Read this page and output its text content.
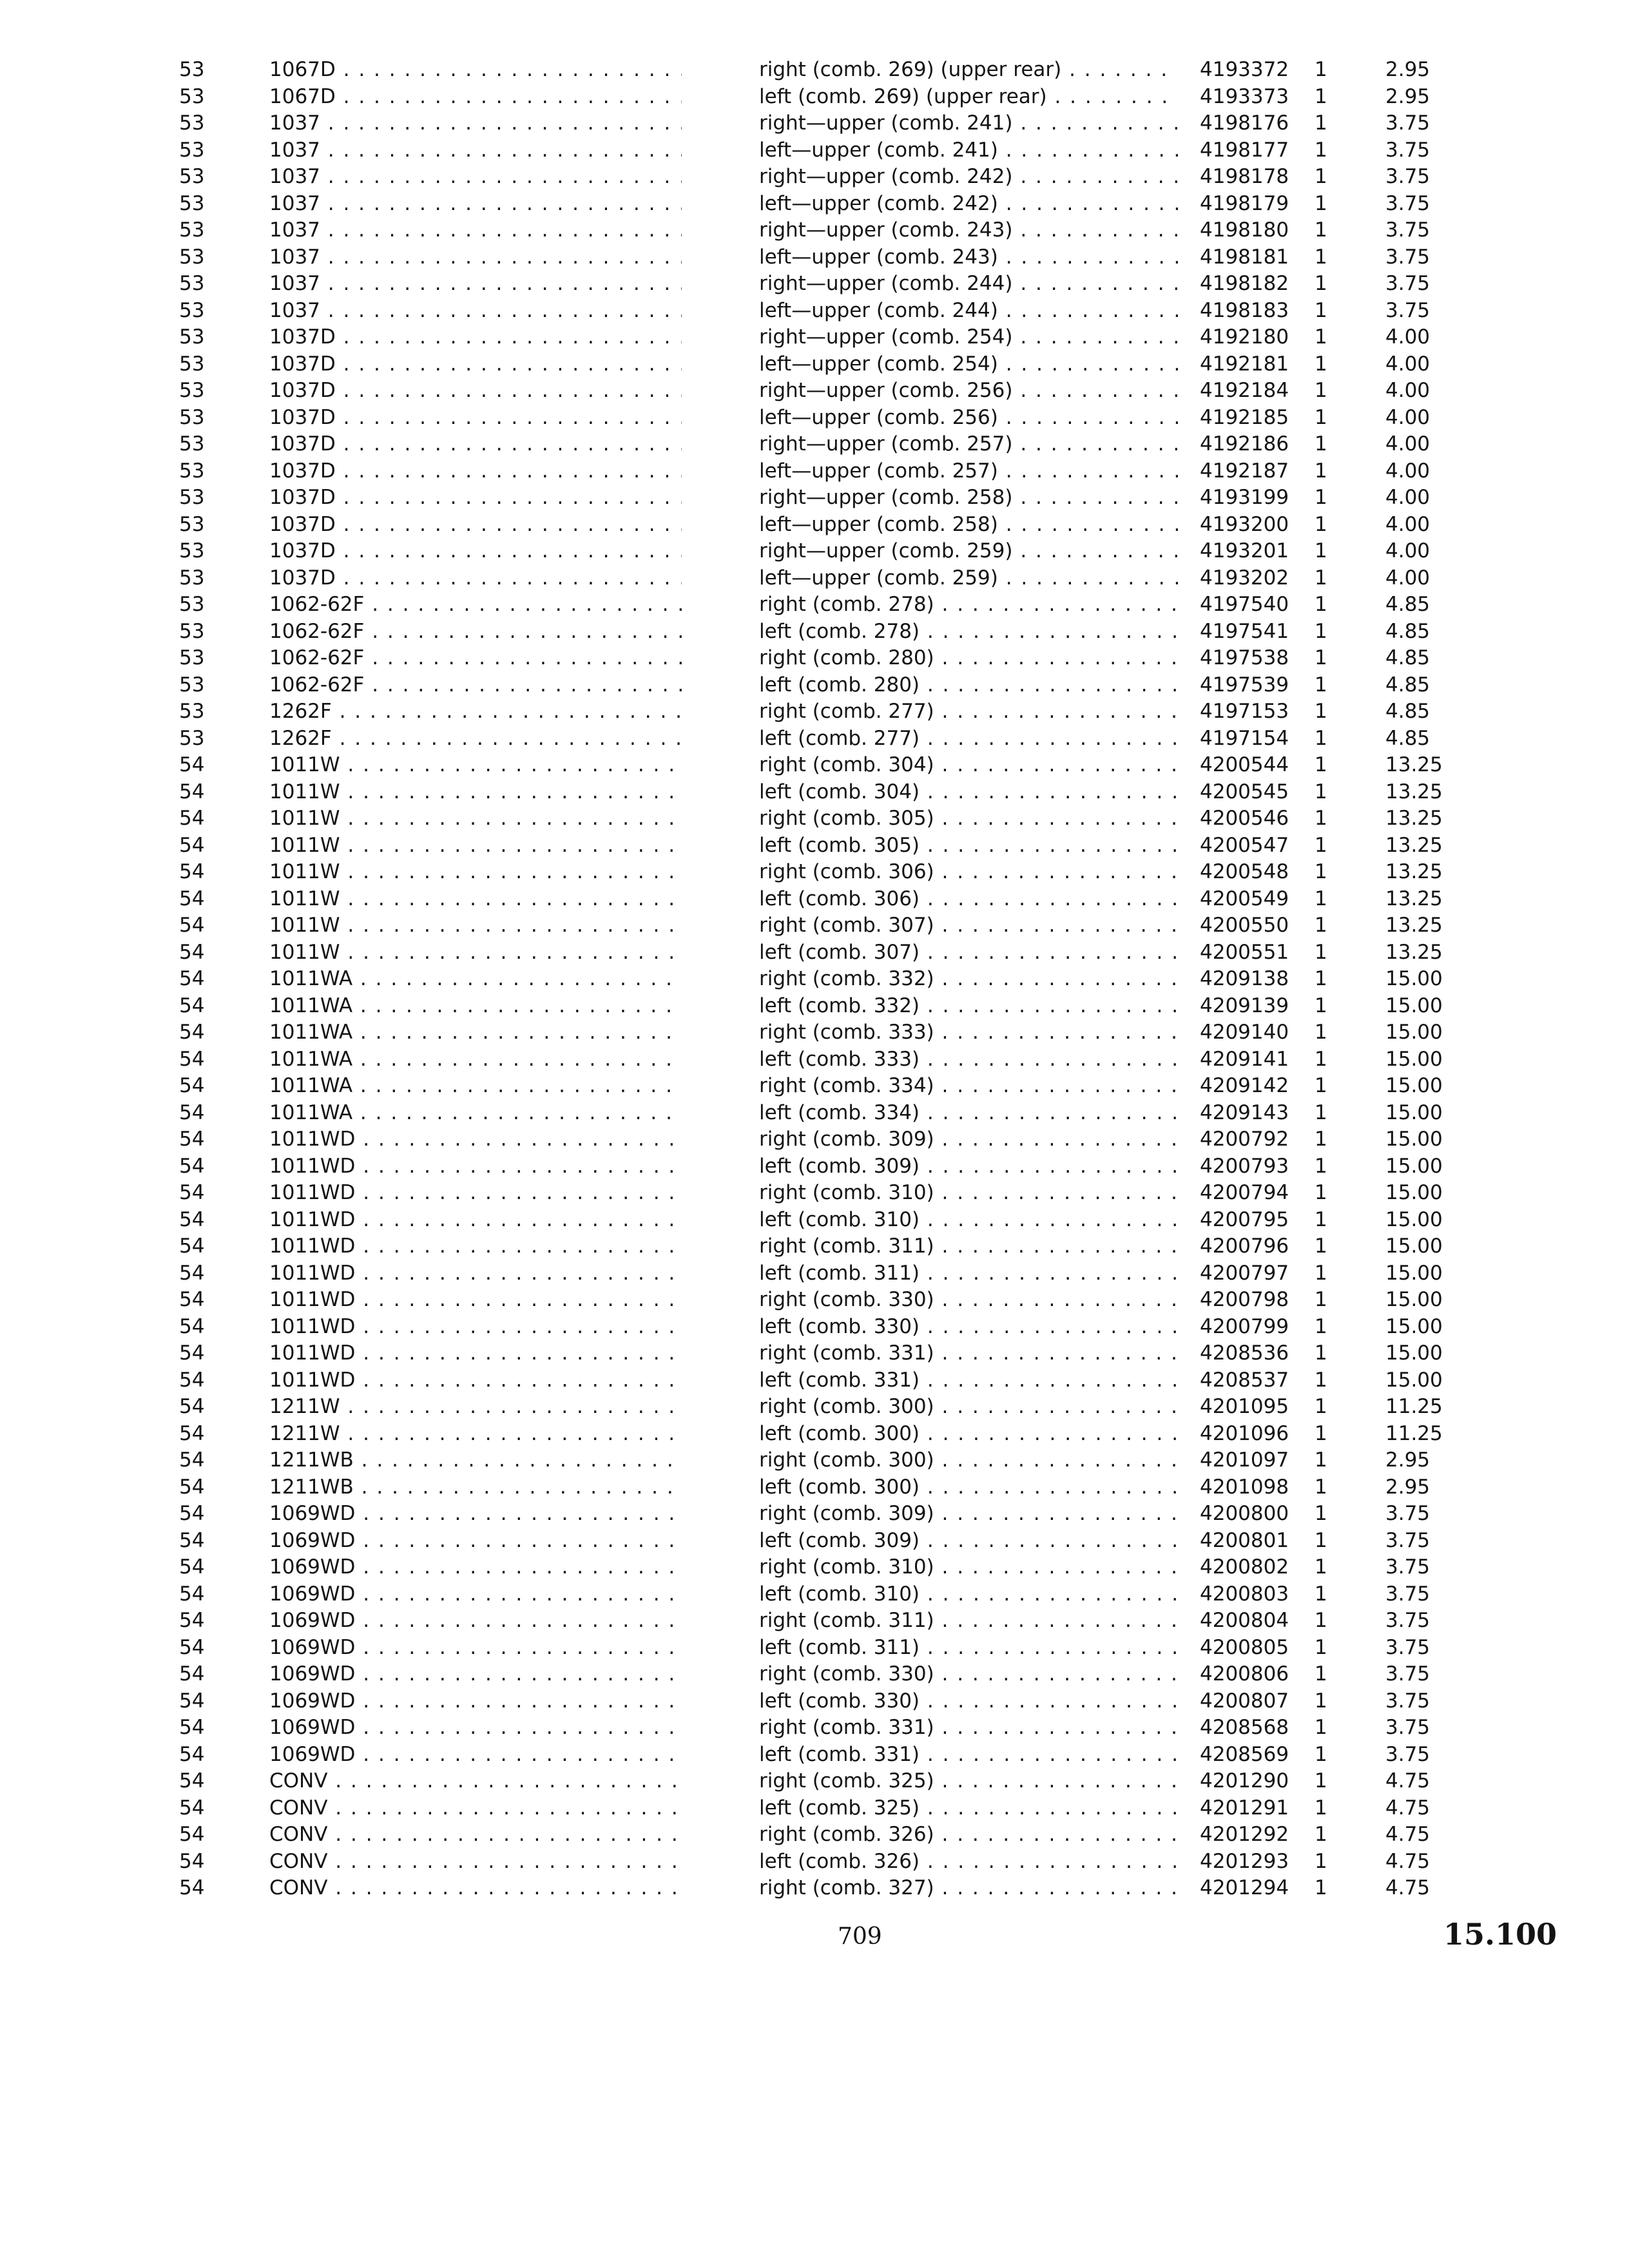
53	1067D . . .	right (comb. 269) (upper rear) . . .	4193372	1	2.95
53	1067D . . .	left (comb. 269) (upper rear) . . .	4193373	1	2.95
53	1037 . . .	right—upper (comb. 241) . . .	4198176	1	3.75
53	1037 . . .	left—upper (comb. 241) . . .	4198177	1	3.75
53	1037 . . .	right—upper (comb. 242) . . .	4198178	1	3.75
53	1037 . . .	left—upper (comb. 242) . . .	4198179	1	3.75
53	1037 . . .	right—upper (comb. 243) . . .	4198180	1	3.75
53	1037 . . .	left—upper (comb. 243) . . .	4198181	1	3.75
53	1037 . . .	right—upper (comb. 244) . . .	4198182	1	3.75
53	1037 . . .	left—upper (comb. 244) . . .	4198183	1	3.75
53	1037D . . .	right—upper (comb. 254) . . .	4192180	1	4.00
53	1037D . . .	left—upper (comb. 254) . . .	4192181	1	4.00
53	1037D . . .	right—upper (comb. 256) . . .	4192184	1	4.00
53	1037D . . .	left—upper (comb. 256) . . .	4192185	1	4.00
53	1037D . . .	right—upper (comb. 257) . . .	4192186	1	4.00
53	1037D . . .	left—upper (comb. 257) . . .	4192187	1	4.00
53	1037D . . .	right—upper (comb. 258) . . .	4193199	1	4.00
53	1037D . . .	left—upper (comb. 258) . . .	4193200	1	4.00
53	1037D . . .	right—upper (comb. 259) . . .	4193201	1	4.00
53	1037D . . .	left—upper (comb. 259) . . .	4193202	1	4.00
53	1062-62F . . .	right (comb. 278) . . .	4197540	1	4.85
53	1062-62F . . .	left (comb. 278) . . .	4197541	1	4.85
53	1062-62F . . .	right (comb. 280) . . .	4197538	1	4.85
53	1062-62F . . .	left (comb. 280) . . .	4197539	1	4.85
53	1262F . . .	right (comb. 277) . . .	4197153	1	4.85
53	1262F . . .	left (comb. 277) . . .	4197154	1	4.85
54	1011W . . .	right (comb. 304) . . .	4200544	1	13.25
54	1011W . . .	left (comb. 304) . . .	4200545	1	13.25
54	1011W . . .	right (comb. 305) . . .	4200546	1	13.25
54	1011W . . .	left (comb. 305) . . .	4200547	1	13.25
54	1011W . . .	right (comb. 306) . . .	4200548	1	13.25
54	1011W . . .	left (comb. 306) . . .	4200549	1	13.25
54	1011W . . .	right (comb. 307) . . .	4200550	1	13.25
54	1011W . . .	left (comb. 307) . . .	4200551	1	13.25
54	1011WA . . .	right (comb. 332) . . .	4209138	1	15.00
54	1011WA . . .	left (comb. 332) . . .	4209139	1	15.00
54	1011WA . . .	right (comb. 333) . . .	4209140	1	15.00
54	1011WA . . .	left (comb. 333) . . .	4209141	1	15.00
54	1011WA . . .	right (comb. 334) . . .	4209142	1	15.00
54	1011WA . . .	left (comb. 334) . . .	4209143	1	15.00
54	1011WD . . .	right (comb. 309) . . .	4200792	1	15.00
54	1011WD . . .	left (comb. 309) . . .	4200793	1	15.00
54	1011WD . . .	right (comb. 310) . . .	4200794	1	15.00
54	1011WD . . .	left (comb. 310) . . .	4200795	1	15.00
54	1011WD . . .	right (comb. 311) . . .	4200796	1	15.00
54	1011WD . . .	left (comb. 311) . . .	4200797	1	15.00
54	1011WD . . .	right (comb. 330) . . .	4200798	1	15.00
54	1011WD . . .	left (comb. 330) . . .	4200799	1	15.00
54	1011WD . . .	right (comb. 331) . . .	4208536	1	15.00
54	1011WD . . .	left (comb. 331) . . .	4208537	1	15.00
54	1211W . . .	right (comb. 300) . . .	4201095	1	11.25
54	1211W . . .	left (comb. 300) . . .	4201096	1	11.25
54	1211WB . . .	right (comb. 300) . . .	4201097	1	2.95
54	1211WB . . .	left (comb. 300) . . .	4201098	1	2.95
54	1069WD . . .	right (comb. 309) . . .	4200800	1	3.75
54	1069WD . . .	left (comb. 309) . . .	4200801	1	3.75
54	1069WD . . .	right (comb. 310) . . .	4200802	1	3.75
54	1069WD . . .	left (comb. 310) . . .	4200803	1	3.75
54	1069WD . . .	right (comb. 311) . . .	4200804	1	3.75
54	1069WD . . .	left (comb. 311) . . .	4200805	1	3.75
54	1069WD . . .	right (comb. 330) . . .	4200806	1	3.75
54	1069WD . . .	left (comb. 330) . . .	4200807	1	3.75
54	1069WD . . .	right (comb. 331) . . .	4208568	1	3.75
54	1069WD . . .	left (comb. 331) . . .	4208569	1	3.75
54	CONV . . .	right (comb. 325) . . .	4201290	1	4.75
54	CONV . . .	left (comb. 325) . . .	4201291	1	4.75
54	CONV . . .	right (comb. 326) . . .	4201292	1	4.75
54	CONV . . .	left (comb. 326) . . .	4201293	1	4.75
54	CONV . . .	right (comb. 327) . . .	4201294	1	4.75
709	15.100
